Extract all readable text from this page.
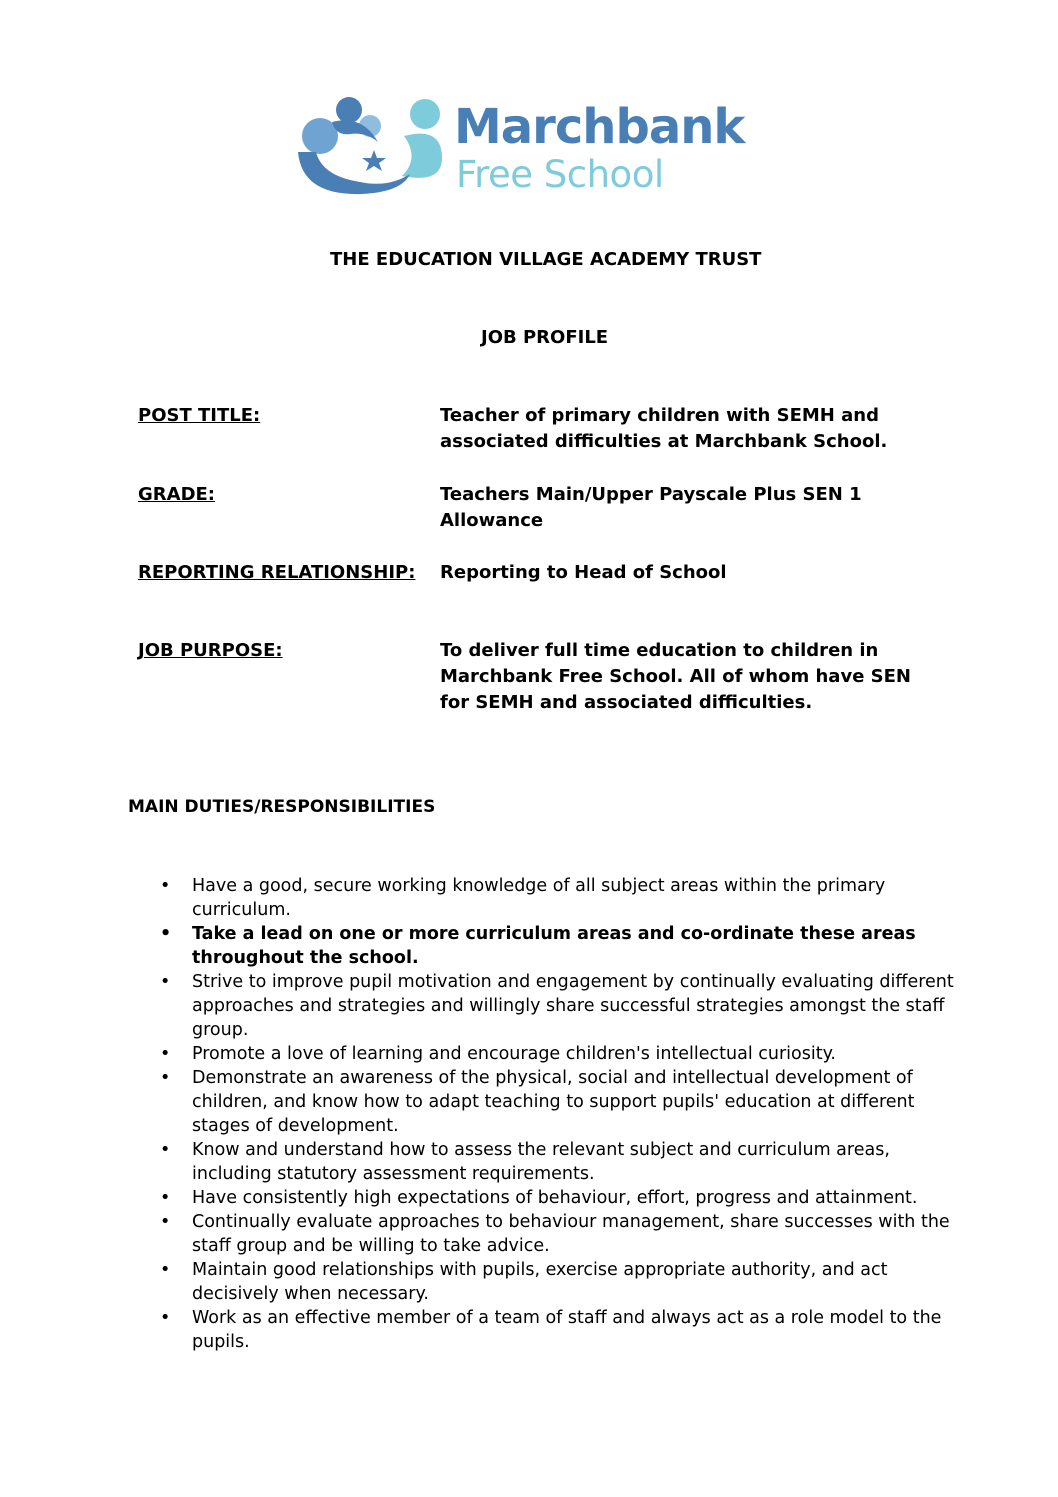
Marchbank
Free School
THE EDUCATION VILLAGE ACADEMY TRUST
JOB PROFILE
POST TITLE:	Teacher of primary children with SEMH and associated difficulties at Marchbank School.
GRADE:	Teachers Main/Upper Payscale Plus SEN 1 Allowance
REPORTING RELATIONSHIP: Reporting to Head of School
JOB PURPOSE:	To deliver full time education to children in Marchbank Free School. All of whom have SEN for SEMH and associated difficulties.
MAIN DUTIES/RESPONSIBILITIES
• Have a good, secure working knowledge of all subject areas within the primary curriculum.
• Take a lead on one or more curriculum areas and co-ordinate these areas throughout the school.
• Strive to improve pupil motivation and engagement by continually evaluating different approaches and strategies and willingly share successful strategies amongst the staff group.
• Promote a love of learning and encourage children's intellectual curiosity.
• Demonstrate an awareness of the physical, social and intellectual development of children, and know how to adapt teaching to support pupils' education at different stages of development.
• Know and understand how to assess the relevant subject and curriculum areas, including statutory assessment requirements.
• Have consistently high expectations of behaviour, effort, progress and attainment.
• Continually evaluate approaches to behaviour management, share successes with the staff group and be willing to take advice.
• Maintain good relationships with pupils, exercise appropriate authority, and act decisively when necessary.
• Work as an effective member of a team of staff and always act as a role model to the pupils.
